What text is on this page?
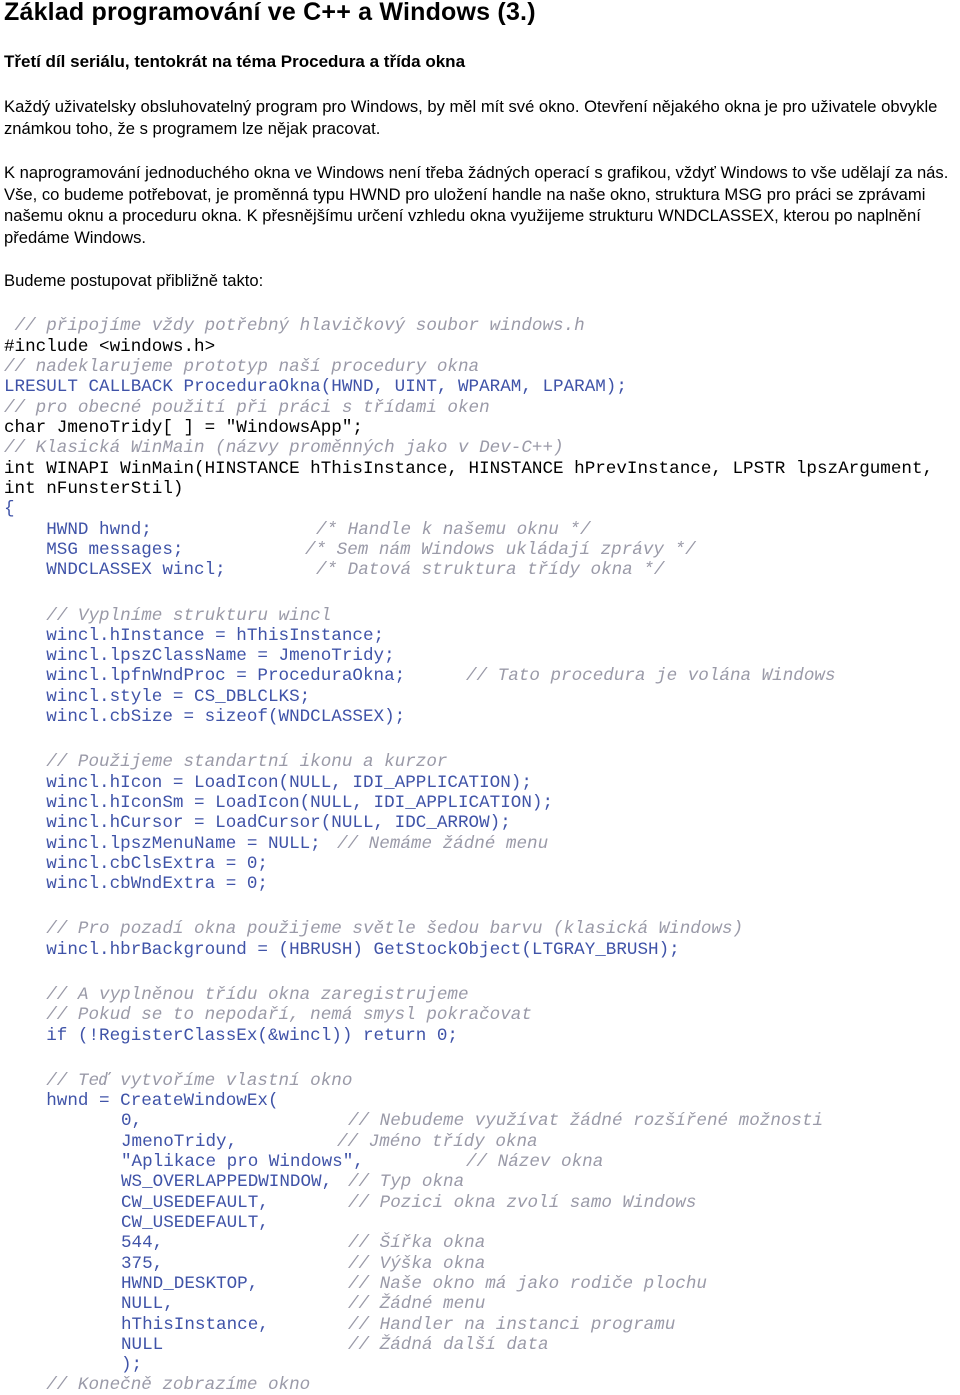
Základ programování ve C++ a Windows (3.)
Třetí díl seriálu, tentokrát na téma Procedura a třída okna

Každý uživatelsky obsluhovatelný program pro Windows, by měl mít své okno. Otevření nějakého okna je pro uživatele obvykle známkou toho, že s programem lze nějak pracovat.

K naprogramování jednoduchého okna ve Windows není třeba žádných operací s grafikou, vždyť Windows to vše udělají za nás. Vše, co budeme potřebovat, je proměnná typu HWND pro uložení handle na naše okno, struktura MSG pro práci se zprávami našemu oknu a proceduru okna. K přesnějšímu určení vzhledu okna využijeme strukturu WNDCLASSEX, kterou po naplnění předáme Windows.

Budeme postupovat přibližně takto:

// připojíme vždy potřebný hlavičkový soubor windows.h
#include <windows.h>
// nadeklarujeme prototyp naší procedury okna
LRESULT CALLBACK ProceduraOkna(HWND, UINT, WPARAM, LPARAM);
// pro obecné použití při práci s třídami oken
char JmenoTridy[ ] = "WindowsApp";
// Klasická WinMain (názvy proměnných jako v Dev-C++)
int WINAPI WinMain(HINSTANCE hThisInstance, HINSTANCE hPrevInstance, LPSTR lpszArgument,
int nFunsterStil)
{
HWND hwnd;	/* Handle k našemu oknu */
MSG messages;	/* Sem nám Windows ukládají zprávy */
WNDCLASSEX wincl;	/* Datová struktura třídy okna */
// Vyplníme strukturu wincl
wincl.hInstance = hThisInstance;
wincl.lpszClassName = JmenoTridy;
wincl.lpfnWndProc = ProceduraOkna;	// Tato procedura je volána Windows
wincl.style = CS_DBLCLKS;
wincl.cbSize = sizeof(WNDCLASSEX);
// Použijeme standartní ikonu a kurzor
wincl.hIcon = LoadIcon(NULL, IDI_APPLICATION);
wincl.hIconSm = LoadIcon(NULL, IDI_APPLICATION);
wincl.hCursor = LoadCursor(NULL, IDC_ARROW);
wincl.lpszMenuName = NULL; // Nemáme žádné menu
wincl.cbClsExtra = 0;
wincl.cbWndExtra = 0;
// Pro pozadí okna použijeme světle šedou barvu (klasická Windows)
wincl.hbrBackground = (HBRUSH) GetStockObject(LTGRAY_BRUSH);
// A vyplněnou třídu okna zaregistrujeme
// Pokud se to nepodaří, nemá smysl pokračovat
if (!RegisterClassEx(&wincl)) return 0;
// Teď vytvoříme vlastní okno
hwnd = CreateWindowEx(
0,	// Nebudeme využívat žádné rozšířené možnosti
JmenoTridy,	// Jméno třídy okna
"Aplikace pro Windows",	// Název okna
WS_OVERLAPPEDWINDOW, // Typ okna
CW_USEDEFAULT,	// Pozici okna zvolí samo Windows
CW_USEDEFAULT,
544,	// Šířka okna
375,	// Výška okna
HWND_DESKTOP,	// Naše okno má jako rodiče plochu
NULL,	// Žádné menu
hThisInstance,	// Handler na instanci programu
NULL	// Žádná další data
);
// Konečně zobrazíme okno
